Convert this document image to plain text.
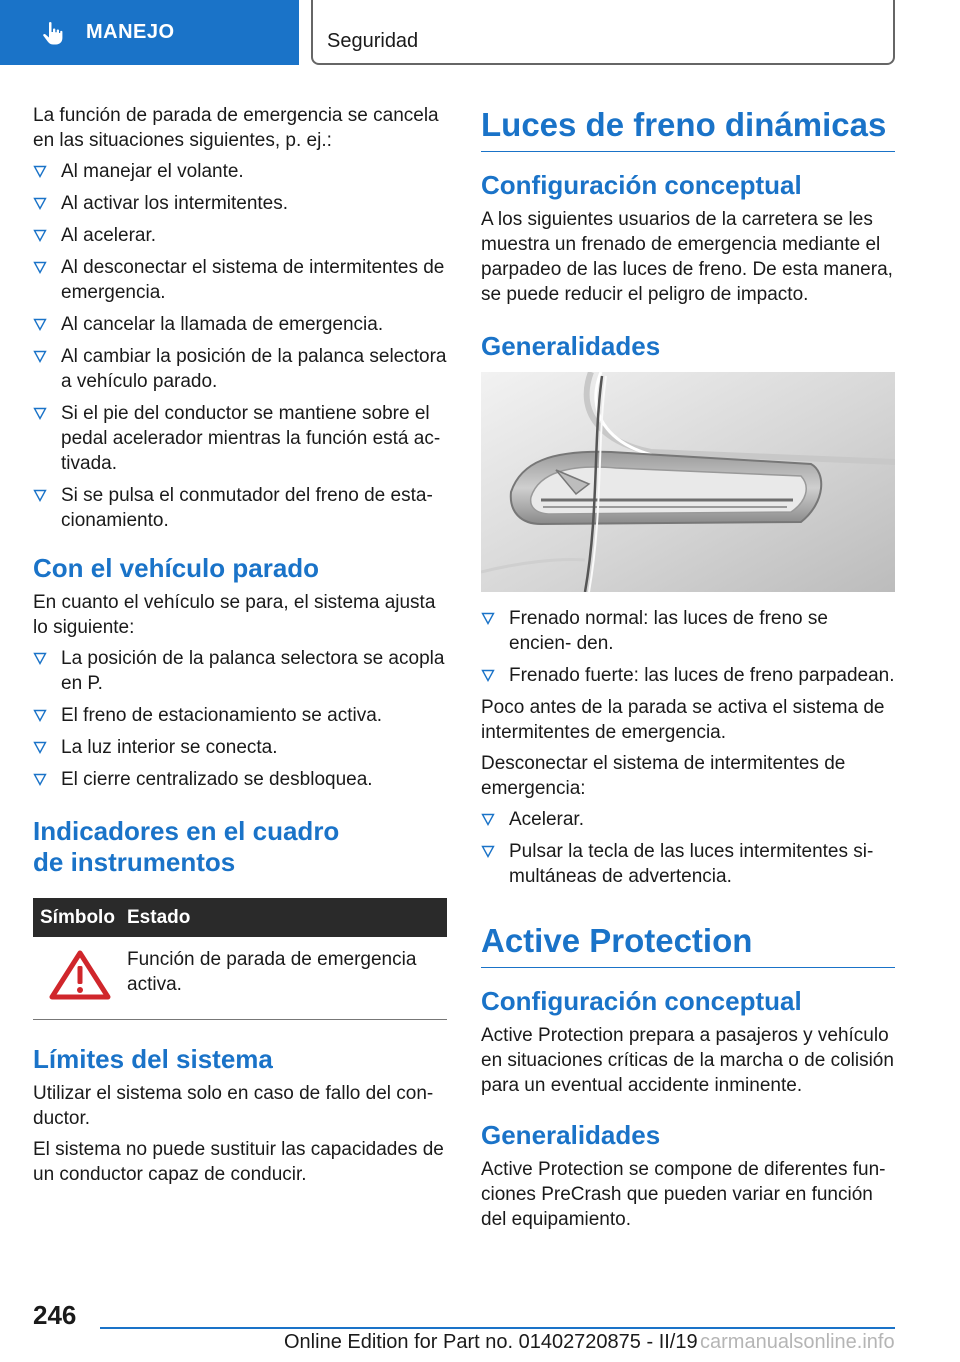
MANEJO	Seguridad

La función de parada de emergencia se cancela en las situaciones siguientes, p. ej.:

Al manejar el volante.
Al activar los intermitentes.
Al acelerar.
Al desconectar el sistema de intermitentes de emergencia.
Al cancelar la llamada de emergencia.
Al cambiar la posición de la palanca selectora a vehículo parado.
Si el pie del conductor se mantiene sobre el pedal acelerador mientras la función está ac- tivada.
Si se pulsa el conmutador del freno de esta- cionamiento.
Con el vehículo parado

En cuanto el vehículo se para, el sistema ajusta lo siguiente:

La posición de la palanca selectora se acopla en P.
El freno de estacionamiento se activa.
La luz interior se conecta.
El cierre centralizado se desbloquea.
Indicadores en el cuadro
de instrumentos
Símbolo Estado
Función de parada de emergencia activa.
Límites del sistema

Utilizar el sistema solo en caso de fallo del con- ductor.

El sistema no puede sustituir las capacidades de un conductor capaz de conducir.

Luces de freno dinámicas
Configuración conceptual

A los siguientes usuarios de la carretera se les muestra un frenado de emergencia mediante el parpadeo de las luces de freno. De esta manera, se puede reducir el peligro de impacto.

Generalidades
Frenado normal: las luces de freno se encien- den.
Frenado fuerte: las luces de freno parpadean.

Poco antes de la parada se activa el sistema de intermitentes de emergencia.

Desconectar el sistema de intermitentes de emergencia:

Acelerar.
Pulsar la tecla de las luces intermitentes si- multáneas de advertencia.
Active Protection
Configuración conceptual

Active Protection prepara a pasajeros y vehículo en situaciones críticas de la marcha o de colisión para un eventual accidente inminente.

Generalidades

Active Protection se compone de diferentes fun- ciones PreCrash que pueden variar en función del equipamiento.

246
Online Edition for Part no. 01402720875 - II/19 carmanualsonline.info
